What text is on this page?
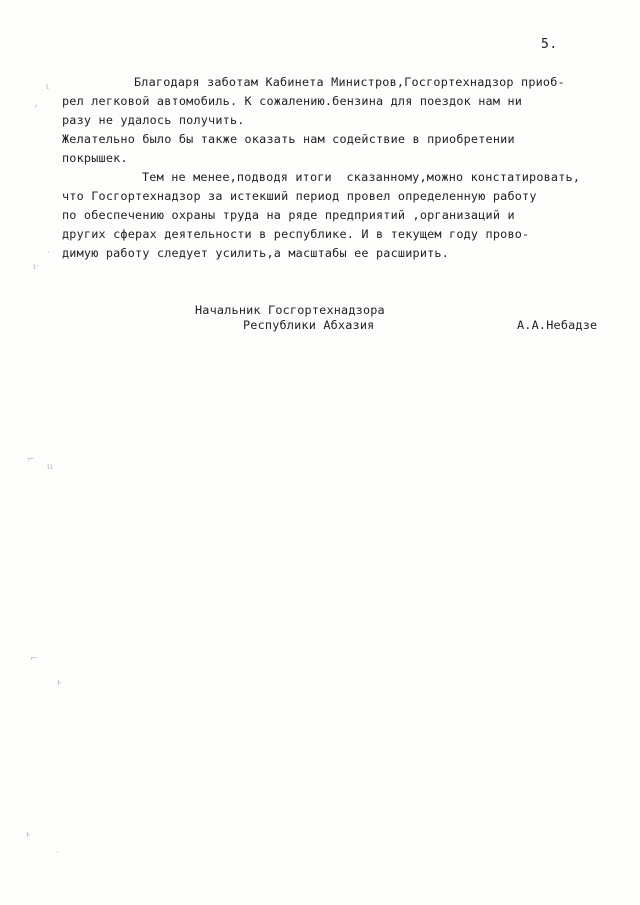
5.
Благодаря заботам Кабинета Министров,Госгортехнадзор приоб-
рел легковой автомобиль. К сожалению.бензина для поездок нам ни
разу не удалось получить.
Желательно было бы также оказать нам содействие в приобретении
покрышек.
Тем не менее,подводя итоги  сказанному,можно констатировать,
что Госгортехнадзор за истекший период провел определенную работу
по обеспечению охраны труда на ряде предприятий ,организаций и
других сферах деятельности в республике. И в текущем году прово-
димую работу следует усилить,а масштабы ее расширить.
Начальник Госгортехнадзора
Республики Абхазия	А.А.Небадзе
ι
ᐟ
·
ι·
⌐
ιι
⌐
ⱶ
ⱶ
·
